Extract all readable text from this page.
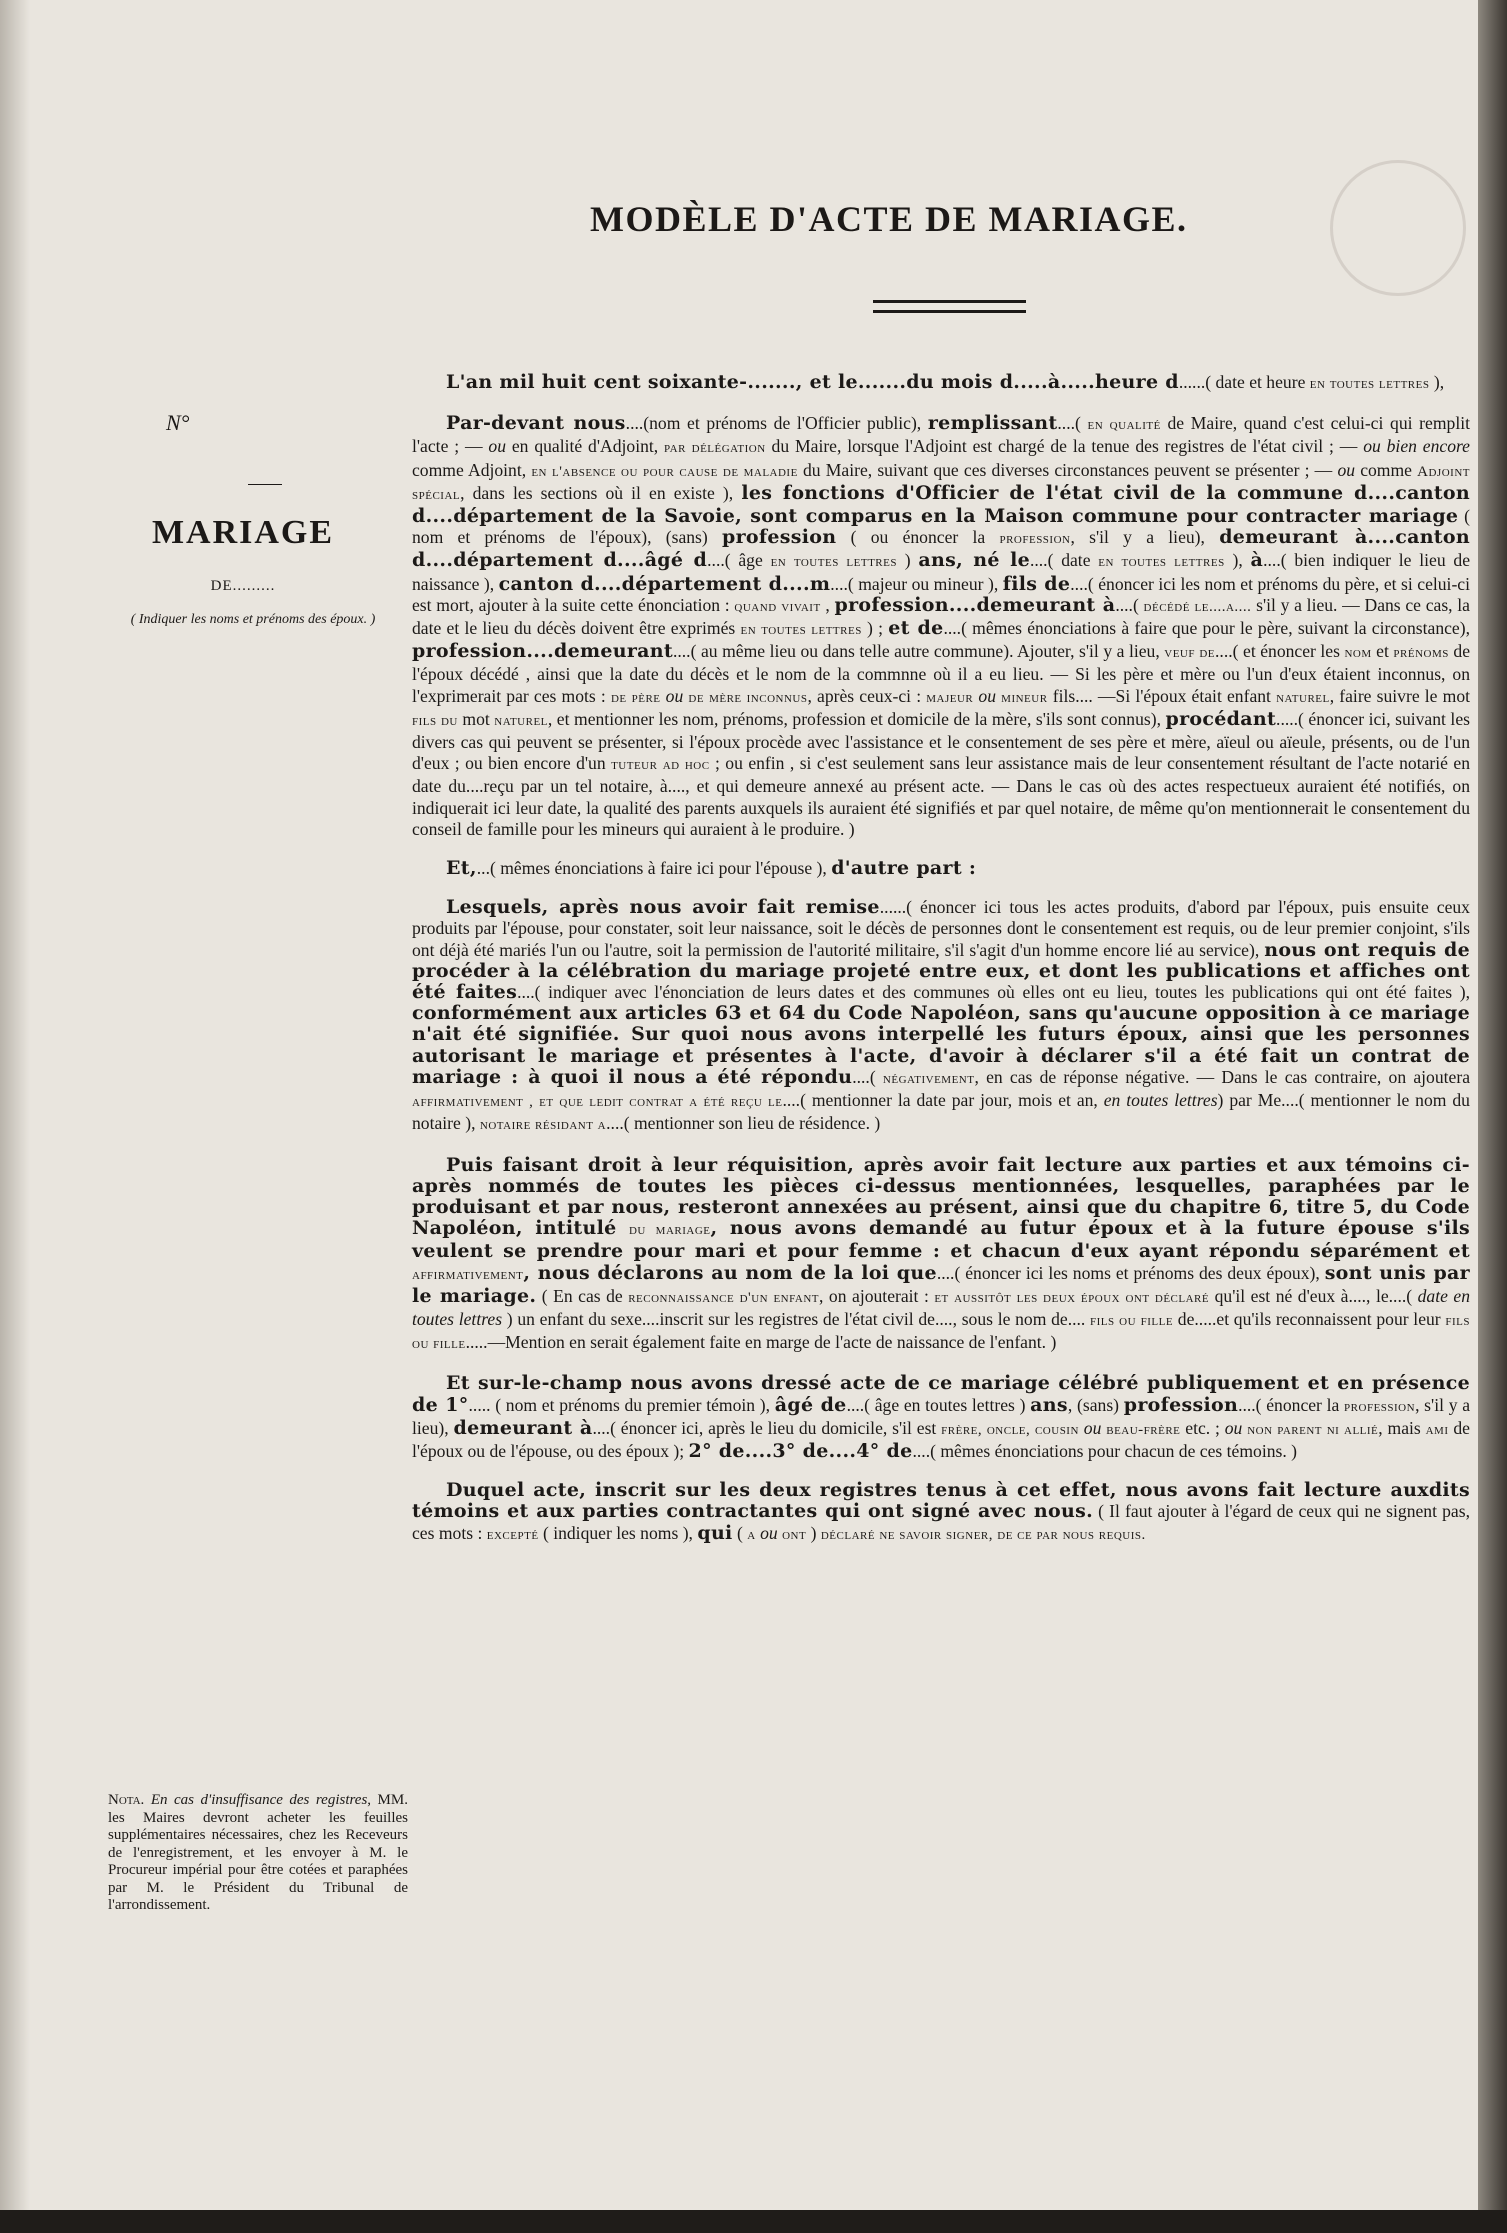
MODÈLE D'ACTE DE MARIAGE.
N°
MARIAGE
DE.........
( Indiquer les noms et prénoms des époux. )
Nota. En cas d'insuffisance des registres, MM. les Maires devront acheter les feuilles supplémentaires nécessaires, chez les Receveurs de l'enregistrement, et les envoyer à M. le Procureur impérial pour être cotées et paraphées par M. le Président du Tribunal de l'arrondissement.

L'an mil huit cent soixante-......., et le.......du mois d.....à.....heure d......( date et heure en toutes lettres ),

Par-devant nous....(nom et prénoms de l'Officier public), remplissant....( en qualité de Maire, quand c'est celui-ci qui remplit l'acte ; — ou en qualité d'Adjoint, par délégation du Maire, lorsque l'Adjoint est chargé de la tenue des registres de l'état civil ; — ou bien encore comme Adjoint, en l'absence ou pour cause de maladie du Maire, suivant que ces diverses circonstances peuvent se présenter ; — ou comme Adjoint spécial, dans les sections où il en existe ), les fonctions d'Officier de l'état civil de la commune d....canton d....département de la Savoie, sont comparus en la Maison commune pour contracter mariage ( nom et prénoms de l'époux), (sans) profession ( ou énoncer la profession, s'il y a lieu), demeurant à....canton d....département d....âgé d....( âge en toutes lettres ) ans, né le....( date en toutes lettres ), à....( bien indiquer le lieu de naissance ), canton d....département d....m....( majeur ou mineur ), fils de....( énoncer ici les nom et prénoms du père, et si celui-ci est mort, ajouter à la suite cette énonciation : quand vivait , profession....demeurant à....( décédé le....a.... s'il y a lieu. — Dans ce cas, la date et le lieu du décès doivent être exprimés en toutes lettres ) ; et de....( mêmes énonciations à faire que pour le père, suivant la circonstance), profession....demeurant....( au même lieu ou dans telle autre commune). Ajouter, s'il y a lieu, veuf de....( et énoncer les nom et prénoms de l'époux décédé , ainsi que la date du décès et le nom de la commnne où il a eu lieu. — Si les père et mère ou l'un d'eux étaient inconnus, on l'exprimerait par ces mots : de père ou de mère inconnus, après ceux-ci : majeur ou mineur fils.... —Si l'époux était enfant naturel, faire suivre le mot fils du mot naturel, et mentionner les nom, prénoms, profession et domicile de la mère, s'ils sont connus), procédant.....( énoncer ici, suivant les divers cas qui peuvent se présenter, si l'époux procède avec l'assistance et le consentement de ses père et mère, aïeul ou aïeule, présents, ou de l'un d'eux ; ou bien encore d'un tuteur ad hoc ; ou enfin , si c'est seulement sans leur assistance mais de leur consentement résultant de l'acte notarié en date du....reçu par un tel notaire, à...., et qui demeure annexé au présent acte. — Dans le cas où des actes respectueux auraient été notifiés, on indiquerait ici leur date, la qualité des parents auxquels ils auraient été signifiés et par quel notaire, de même qu'on mentionnerait le consentement du conseil de famille pour les mineurs qui auraient à le produire. )

Et,...( mêmes énonciations à faire ici pour l'épouse ), d'autre part :

Lesquels, après nous avoir fait remise......( énoncer ici tous les actes produits, d'abord par l'époux, puis ensuite ceux produits par l'épouse, pour constater, soit leur naissance, soit le décès de personnes dont le consentement est requis, ou de leur premier conjoint, s'ils ont déjà été mariés l'un ou l'autre, soit la permission de l'autorité militaire, s'il s'agit d'un homme encore lié au service), nous ont requis de procéder à la célébration du mariage projeté entre eux, et dont les publications et affiches ont été faites....( indiquer avec l'énonciation de leurs dates et des communes où elles ont eu lieu, toutes les publications qui ont été faites ), conformément aux articles 63 et 64 du Code Napoléon, sans qu'aucune opposition à ce mariage n'ait été signifiée. Sur quoi nous avons interpellé les futurs époux, ainsi que les personnes autorisant le mariage et présentes à l'acte, d'avoir à déclarer s'il a été fait un contrat de mariage : à quoi il nous a été répondu....( négativement, en cas de réponse négative. — Dans le cas contraire, on ajoutera affirmativement , et que ledit contrat a été reçu le....( mentionner la date par jour, mois et an, en toutes lettres) par Me....( mentionner le nom du notaire ), notaire résidant a....( mentionner son lieu de résidence. )

Puis faisant droit à leur réquisition, après avoir fait lecture aux parties et aux témoins ci-après nommés de toutes les pièces ci-dessus mentionnées, lesquelles, paraphées par le produisant et par nous, resteront annexées au présent, ainsi que du chapitre 6, titre 5, du Code Napoléon, intitulé du mariage, nous avons demandé au futur époux et à la future épouse s'ils veulent se prendre pour mari et pour femme : et chacun d'eux ayant répondu séparément et affirmativement, nous déclarons au nom de la loi que....( énoncer ici les noms et prénoms des deux époux), sont unis par le mariage. ( En cas de reconnaissance d'un enfant, on ajouterait : et aussitôt les deux époux ont déclaré qu'il est né d'eux à...., le....( date en toutes lettres ) un enfant du sexe....inscrit sur les registres de l'état civil de...., sous le nom de.... fils ou fille de.....et qu'ils reconnaissent pour leur fils ou fille.....—Mention en serait également faite en marge de l'acte de naissance de l'enfant. )

Et sur-le-champ nous avons dressé acte de ce mariage célébré publiquement et en présence de 1°..... ( nom et prénoms du premier témoin ), âgé de....( âge en toutes lettres ) ans, (sans) profession....( énoncer la profession, s'il y a lieu), demeurant à....( énoncer ici, après le lieu du domicile, s'il est frère, oncle, cousin ou beau-frère etc. ; ou non parent ni allié, mais ami de l'époux ou de l'épouse, ou des époux ); 2° de....3° de....4° de....( mêmes énonciations pour chacun de ces témoins. )

Duquel acte, inscrit sur les deux registres tenus à cet effet, nous avons fait lecture auxdits témoins et aux parties contractantes qui ont signé avec nous. ( Il faut ajouter à l'égard de ceux qui ne signent pas, ces mots : excepté ( indiquer les noms ), qui ( a ou ont ) déclaré ne savoir signer, de ce par nous requis.
